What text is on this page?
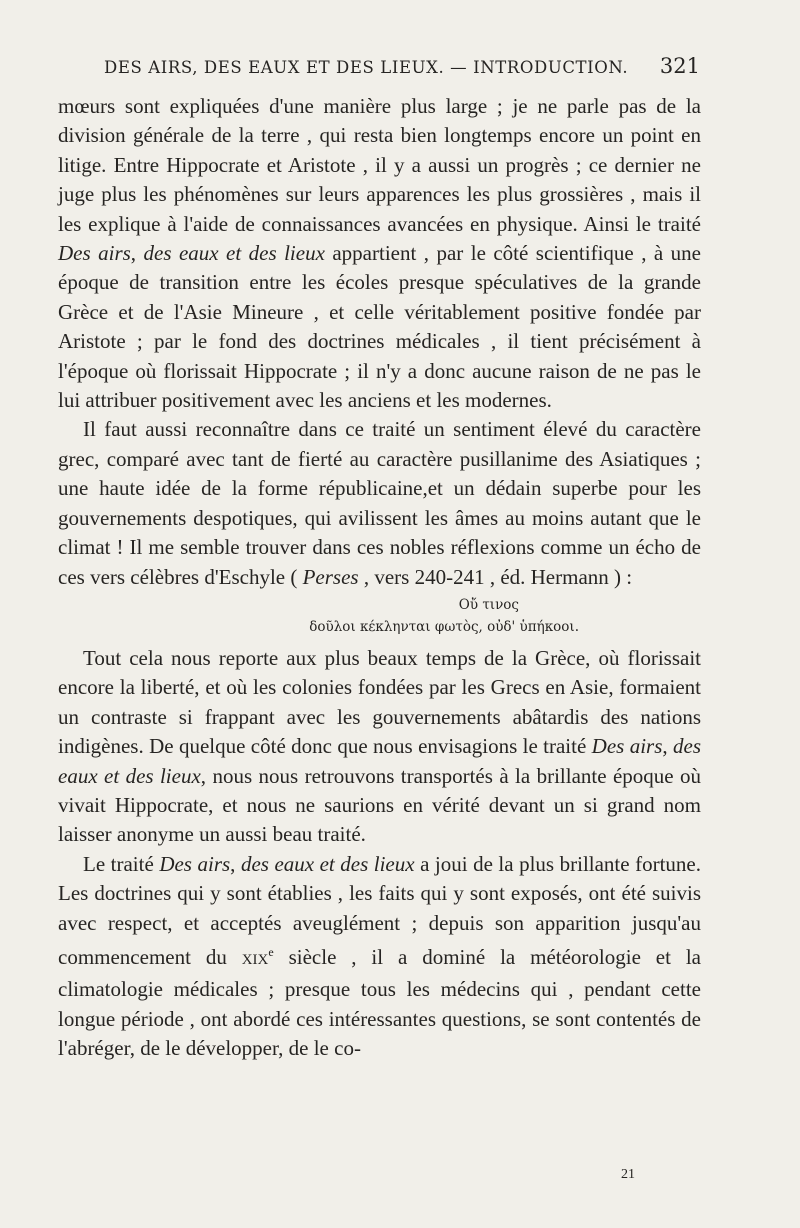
DES AIRS, DES EAUX ET DES LIEUX. — INTRODUCTION. 321

mœurs sont expliquées d'une manière plus large ; je ne parle pas de la division générale de la terre , qui resta bien longtemps encore un point en litige. Entre Hippocrate et Aristote , il y a aussi un progrès ; ce dernier ne juge plus les phénomènes sur leurs apparences les plus grossières , mais il les explique à l'aide de connaissances avancées en physique. Ainsi le traité Des airs, des eaux et des lieux appartient , par le côté scientifique , à une époque de transition entre les écoles presque spéculatives de la grande Grèce et de l'Asie Mineure , et celle véritablement positive fondée par Aristote ; par le fond des doctrines médicales , il tient précisément à l'époque où florissait Hippocrate ; il n'y a donc aucune raison de ne pas le lui attribuer positivement avec les anciens et les modernes.

Il faut aussi reconnaître dans ce traité un sentiment élevé du caractère grec, comparé avec tant de fierté au caractère pusillanime des Asiatiques ; une haute idée de la forme républicaine,et un dédain superbe pour les gouvernements despotiques, qui avilissent les âmes au moins autant que le climat ! Il me semble trouver dans ces nobles réflexions comme un écho de ces vers célèbres d'Eschyle ( Perses , vers 240-241 , éd. Hermann ) :

Οὔ τινος
δοῦλοι κέκληνται φωτὸς, οὐδ' ὑπήκοοι.

Tout cela nous reporte aux plus beaux temps de la Grèce, où florissait encore la liberté, et où les colonies fondées par les Grecs en Asie, formaient un contraste si frappant avec les gouvernements abâtardis des nations indigènes. De quelque côté donc que nous envisagions le traité Des airs, des eaux et des lieux, nous nous retrouvons transportés à la brillante époque où vivait Hippocrate, et nous ne saurions en vérité devant un si grand nom laisser anonyme un aussi beau traité.

Le traité Des airs, des eaux et des lieux a joui de la plus brillante fortune. Les doctrines qui y sont établies , les faits qui y sont exposés, ont été suivis avec respect, et acceptés aveuglément ; depuis son apparition jusqu'au commencement du XIXe siècle , il a dominé la météorologie et la climatologie médicales ; presque tous les médecins qui , pendant cette longue période , ont abordé ces intéressantes questions, se sont contentés de l'abréger, de le développer, de le co-

21
